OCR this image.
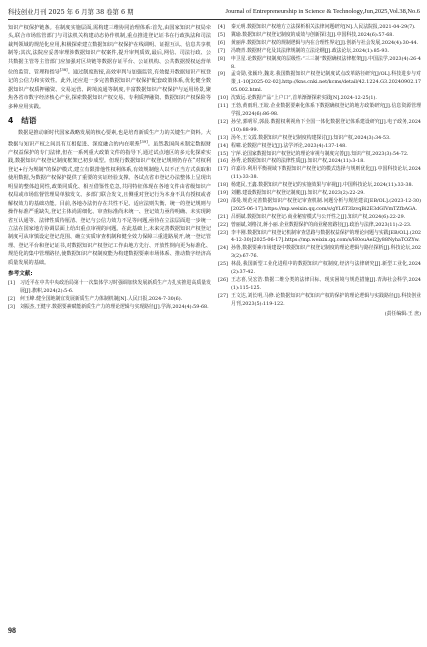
科技创业月刊 2025 年 6 月第 38 卷第 6 期	Journal of Entrepreneurship in Science & Technology,Jun,2025,Vol.38,No.6

知识产权保护链条。在制度实施层面,需构建三维协同治理体系:首先,由国家知识产权局牵头,联合市场监管部门与司法机关构建动态协作机制,重点推进登记证书在行政执法和司法裁判领域的规范化应用,积极探索建立数据知识产权保护在线调明、证据互认、信息共享机制等;其次,法院应妥善审理涉数据知识产权案件,提升审判质效,最后,网信、司法行政、公共数据主管等主管部门应加强对区块链等数据存证平台、公证机构、公共数据授权运营单位的监管、管理和指导[38]。通过制度衔接,高效审判与加强监管,有效提升数据知识产权登记的公信力和实效性。此外,还应进一步完善数据知识产权保护配套政策体系,优化健全数据知识产权质押融资、交易运营、跨境流通等制度,丰富数据知识产权保护与运用场景,聚焦各省市数字经济核心产业,探索数据知识产权交易、专利质押融资、数据知识产权保险等多种应用实践。

4 结语

数据是推动新时代国家战略发展的核心要素,也是培育新质生产力的关键生产资料。大数据与知识产权之间具有互相促进、深度融合的内在联系[39]。虽然我国尚未制定数据财产权益保护的专门法律,但在一系列重大政策文件的指导下,通过试点地区的多元化探索实践,数据知识产权登记制度框架已初步成型。但现行数据知识产权登记规则仍存在“对权利登记+行为规制”的保护模式,建立有限排他性权利体系,有效规制他人以不正当方式获取和使用数据,为数据产权保护提供了重要的实证经验支撑。各试点省市登记办法整体上呈现出明显的整体趋同性,政策同质化、相互借鉴性危急,共同特征体现在各地文件由省级知识产权局或市场监督管理局单独发文、多部门联合发文,且侧重对登记行为本身不具有授权或者解权效力的基础功能。目前,各地办法仍存在共性不足、适应法则失衡、统一的登记规则与操作标准严重缺失,登记主体尚需细化、审查标准尚未统一、登记效力亟待明确、未实现跨省互认通等、法律性质待厘清、登记与公信力效力不足等问题,亟待在立法层面进一步统一立法在国家地方协调层面上给出重点审视的问题。在此基础上,未来完善数据知识产权登记制度可从审慎设定登记范围、确立实质审查机制和健全效力保障三重进路展开,统一登记管理、登记平台和登记证书,对数据知识产权登记工作由地方先行、开放性倒向更为标准化、规范化的集中管理路径,使数据知识产权制度能为构建数据要素市场体系、推动数字经济高质量发展的基础。

参考文献:
[1]	习近平在中共中央政治局第十一次集体学习时强调加快发展新质生产力扎实推进高质量发展[J].旗帜,2024(2):5-6.
[2]	何玉峰.健全国地制宜发展新质生产力体制机制[N].人民日报,2024-7-30(6).
[3]	刘振杰,王健宇.数据要素赋能新质生产力的理论逻辑与实现路径[J].学海,2024(4):59-68.
[4]	秦元明.数据知识产权地方立法探析相关法律问题研究[N].人民法院报,2021-04-29(7).
[5]	冀瑜.数据知识产权登记制度的成效与创新探讨[J].中国科技,2024(6):57-68.
[6]	黄丽萍.数据知识产权的规制逻辑与内在合理性界定[J].创新与社会发展,2024(4):30-44.
[7]	冯晓青.数据财产化及其法律规制的立法论纲[J].政法论坛,2024(1):85-93.
[8]	申卫星.论数据产权制度的层级性:“三三制”数据确权法律框架[J].中国法学,2023(4):26-48.
[9]	孟奇勋,张颖玲,魏龙.我国数据知识产权登记制度试点改革路径研究[J/OL].科技进步与对策,1-10[2025-02-02].http://kns.cnki.net/kcms/detail/42.1224.G3.20240902.1705.002.html.
[10] 沈致远.论数据产品“上户口”,首单渐渐探索实践[N].2024-12-25(1).
[11] 王勃,黄雨玥,王皎.企业数据要素化体系下数据确权登记的地方政策研究[J].信息资源管理学报,2024(6):86-98.
[12] 孙莹,郭明军,郭晨.数据权利视角下全国一体化数据登记体系建设研究[J].电子政务,2024(10):88-99.
[13] 汤冬,王文霞.数据知识产权登记制度构建探讨[J].知识产权,2024(3):34-53.
[14] 程啸.论数据产权登记[J].法学评论,2023(4):137-148.
[15] 宁萍.论国家数据知识产权登记的理论审视与制度完善[J].知识产权,2023(3):54-72.
[16] 孙秀,论数据知识产权的法律性质[J].知识产权,2024(11):3-18.
[17] 许嘉诗.利用平衡视域下数据知识产权登记的模式选择与规则优化[J].中国科技论坛,2024(11):33-38.
[18] 杨建民,王鑫.数据知识产权登记的实施效果与审视[J].中国科技论坛,2024(11):33-38.
[19] 刘鹏.建设数据知识产权登记制度[J].知识产权,2023(2):22-29.
[20] 邵曼.规范完善数据知识产权登记审查机制.问题分析与规范建议[EB/OL].(2023-12-30)[2025-06-17].https://mp.weixin.qq.com/s/gYL6T3IzvqBi2E3dGIVmTZfbAGA.
[21] 吕炳斌.数据知识产权登记:商业秘密模式与公开性之[J].知识产权,2024(6):22-29.
[22] 曾丽斌,刘格汉,蒋小丽.企业数据保护的商业秘密路径[J].政治与法律,2023(11):2-23.
[23] 李丰刚.数据知识产权登记机制审查思路与数据权益保护的理论问题与实践[EB/OL].(2024-12-30)[2025-06-17].https://mp.weixin.qq.com/s/H0ouAel2Jy88NyhaTOZYw.
[24] 孙鲁,数据要素市场建设中数据知识产权登记制度的理论逻辑与路径探析[J].科技论坛,2023(2):67-76.
[25] 林晨,我国新型工业化进程中的数据知识产权制度,经济与法律研究[J].新型工业化,2024(2):37-42.
[26] 王志喜,吴宏浩.数据二维分类的法律目标、现实困境与规范措施[J].青海社会科学,2024(1):115-125.
[27] 王文达,刘长明,马修.论数据知识产权知识产权的保护的理论逻辑与实践路径[J].科技创业月刊,2023(5):119-122.
(责任编辑:王 庶)
98
